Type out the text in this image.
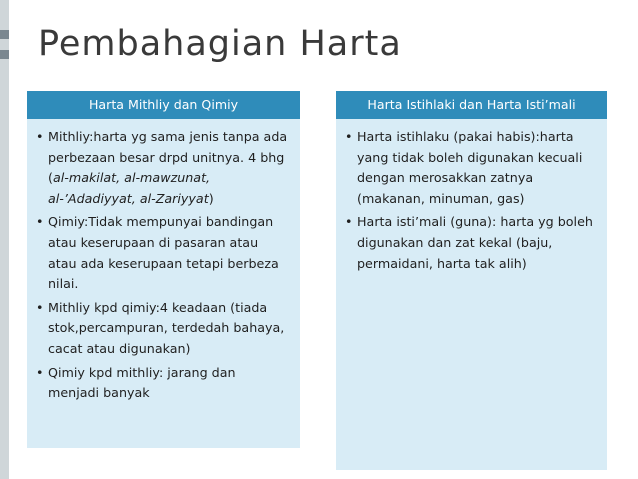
Pembahagian Harta
Harta Mithliy dan Qimiy
• Mithliy:harta yg sama jenis tanpa ada perbezaan besar drpd unitnya. 4 bhg (al-makilat, al-mawzunat, al-’Adadiyyat, al-Zariyyat)
• Qimiy:Tidak mempunyai bandingan atau keserupaan di pasaran atau atau ada keserupaan tetapi berbeza nilai.
• Mithliy kpd qimiy:4 keadaan (tiada stok,percampuran, terdedah bahaya, cacat atau digunakan)
• Qimiy kpd mithliy: jarang dan menjadi banyak
Harta Istihlaki dan Harta Isti’mali
• Harta istihlaku (pakai habis):harta yang tidak boleh digunakan kecuali dengan merosakkan zatnya (makanan, minuman, gas)
• Harta isti’mali (guna): harta yg boleh digunakan dan zat kekal (baju, permaidani, harta tak alih)
